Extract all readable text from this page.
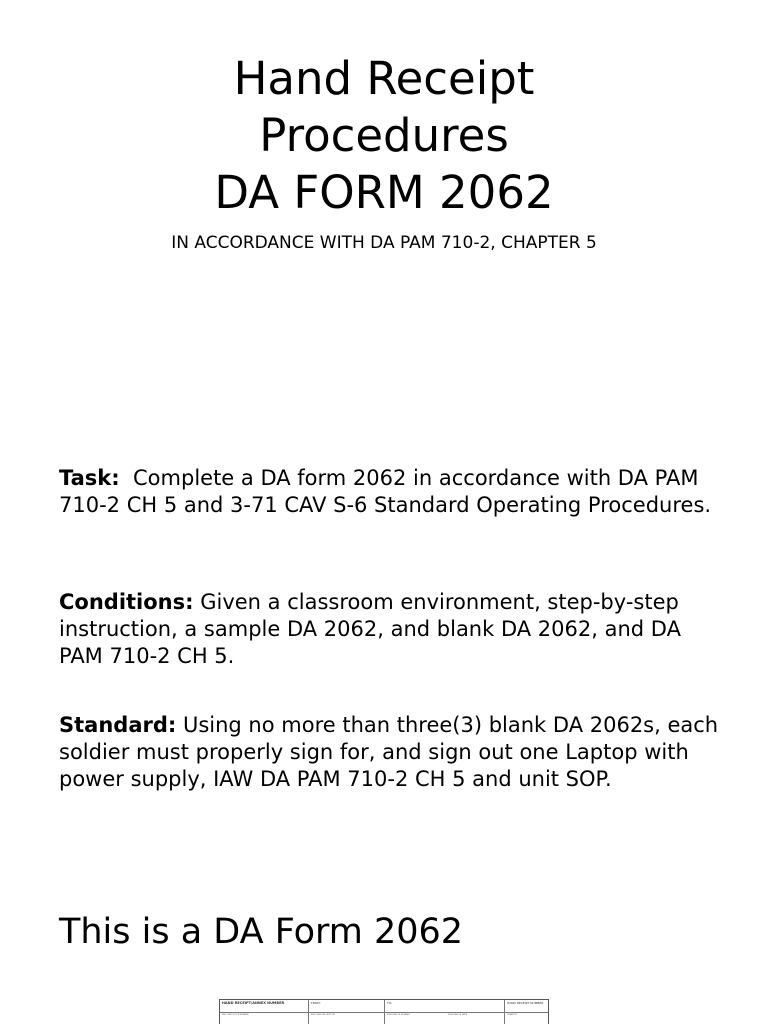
Hand Receipt
Procedures
DA FORM 2062
IN ACCORDANCE WITH DA PAM 710-2, CHAPTER 5

Task: Complete a DA form 2062 in accordance with DA PAM 710-2 CH 5 and 3-71 CAV S-6 Standard Operating Procedures.

Conditions: Given a classroom environment, step-by-step instruction, a sample DA 2062, and blank DA 2062, and DA PAM 710-2 CH 5.

Standard: Using no more than three(3) blank DA 2062s, each soldier must properly sign for, and sign out one Laptop with power supply, IAW DA PAM 710-2 CH 5 and unit SOP.

This is a DA Form 2062
HAND RECEIPT/ANNEX NUMBER	FROM:	TO:	HAND RECEIPT NUMBER
END ITEM STOCK NUMBER	END ITEM DESCRIPTION	PUBLICATION NUMBER	PUBLICATION DATE	QUANTITY
